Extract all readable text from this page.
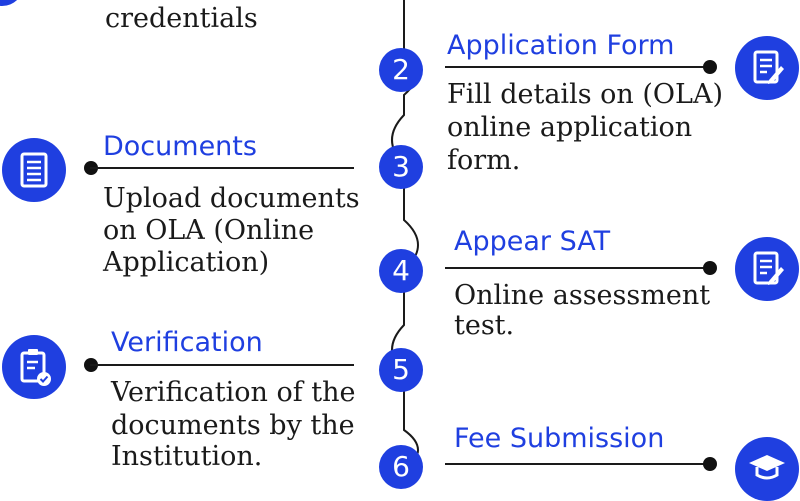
credentials
Application Form
2
Fill details on (OLA)
online application
form.
Documents
3
Upload documents
on OLA (Online
Application)
Appear SAT
4
Online assessment
test.
Verification
5
Verification of the
documents by the
Institution.
Fee Submission
6
